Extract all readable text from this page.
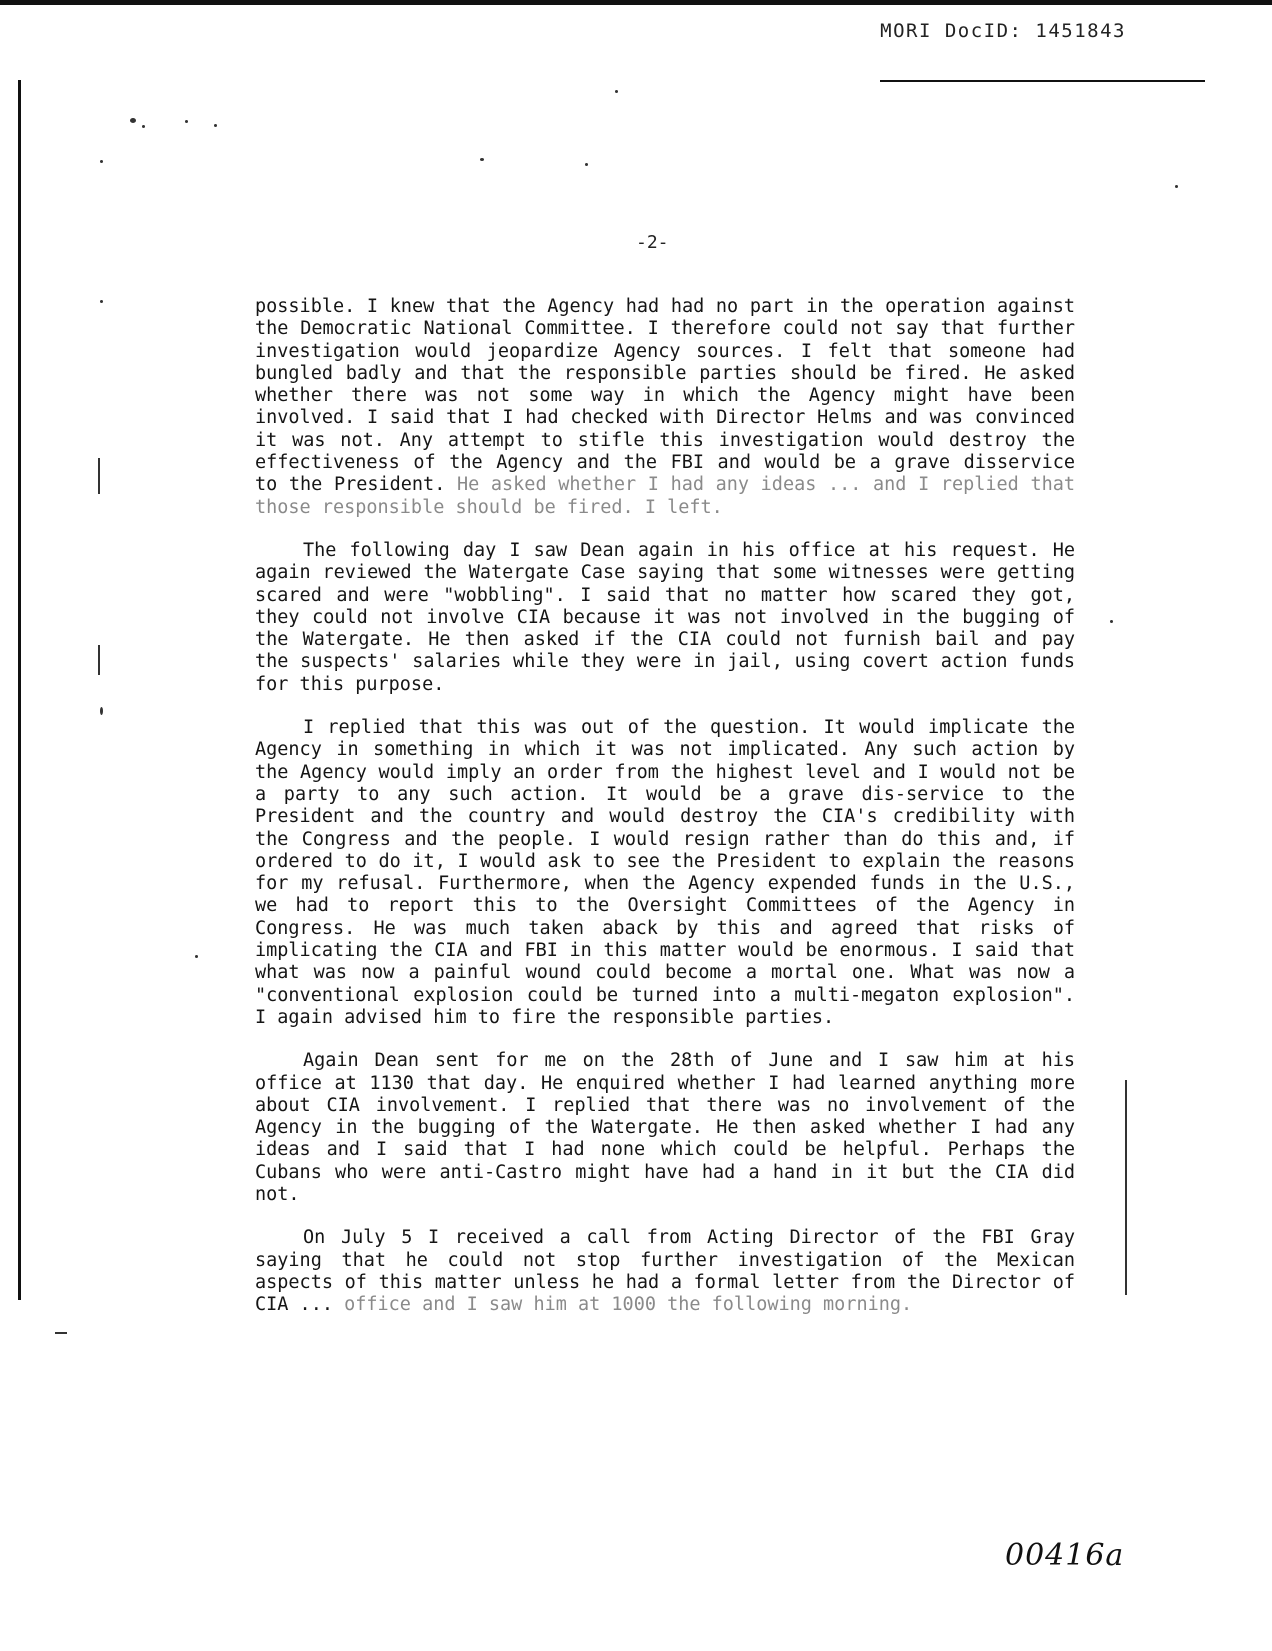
MORI DocID: 1451843
-2-

possible. I knew that the Agency had had no part in the operation against the Democratic National Committee. I therefore could not say that further investigation would jeopardize Agency sources. I felt that someone had bungled badly and that the responsible parties should be fired. He asked whether there was not some way in which the Agency might have been involved. I said that I had checked with Director Helms and was convinced it was not. Any attempt to stifle this investigation would destroy the effectiveness of the Agency and the FBI and would be a grave disservice to the President. He asked whether I had any ideas ... and I replied that those responsible should be fired. I left.

The following day I saw Dean again in his office at his request. He again reviewed the Watergate Case saying that some witnesses were getting scared and were "wobbling". I said that no matter how scared they got, they could not involve CIA because it was not involved in the bugging of the Watergate. He then asked if the CIA could not furnish bail and pay the suspects' salaries while they were in jail, using covert action funds for this purpose.

I replied that this was out of the question. It would implicate the Agency in something in which it was not implicated. Any such action by the Agency would imply an order from the highest level and I would not be a party to any such action. It would be a grave dis-service to the President and the country and would destroy the CIA's credibility with the Congress and the people. I would resign rather than do this and, if ordered to do it, I would ask to see the President to explain the reasons for my refusal. Furthermore, when the Agency expended funds in the U.S., we had to report this to the Oversight Committees of the Agency in Congress. He was much taken aback by this and agreed that risks of implicating the CIA and FBI in this matter would be enormous. I said that what was now a painful wound could become a mortal one. What was now a "conventional explosion could be turned into a multi-megaton explosion". I again advised him to fire the responsible parties.

Again Dean sent for me on the 28th of June and I saw him at his office at 1130 that day. He enquired whether I had learned anything more about CIA involvement. I replied that there was no involvement of the Agency in the bugging of the Watergate. He then asked whether I had any ideas and I said that I had none which could be helpful. Perhaps the Cubans who were anti-Castro might have had a hand in it but the CIA did not.

On July 5 I received a call from Acting Director of the FBI Gray saying that he could not stop further investigation of the Mexican aspects of this matter unless he had a formal letter from the Director of CIA ... office and I saw him at 1000 the following morning.

00416a
